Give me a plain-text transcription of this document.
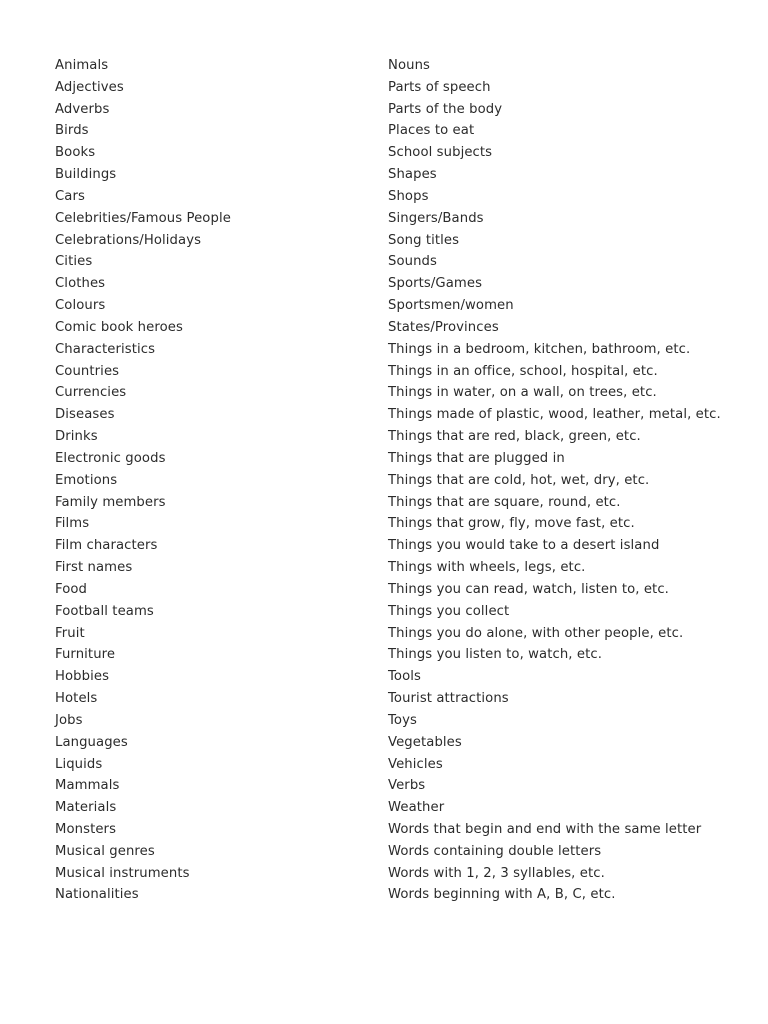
Animals
Adjectives
Adverbs
Birds
Books
Buildings
Cars
Celebrities/Famous People
Celebrations/Holidays
Cities
Clothes
Colours
Comic book heroes
Characteristics
Countries
Currencies
Diseases
Drinks
Electronic goods
Emotions
Family members
Films
Film characters
First names
Food
Football teams
Fruit
Furniture
Hobbies
Hotels
Jobs
Languages
Liquids
Mammals
Materials
Monsters
Musical genres
Musical instruments
Nationalities
Nouns
Parts of speech
Parts of the body
Places to eat
School subjects
Shapes
Shops
Singers/Bands
Song titles
Sounds
Sports/Games
Sportsmen/women
States/Provinces
Things in a bedroom, kitchen, bathroom, etc.
Things in an office, school, hospital, etc.
Things in water, on a wall, on trees, etc.
Things made of plastic, wood, leather, metal, etc.
Things that are red, black, green, etc.
Things that are plugged in
Things that are cold, hot, wet, dry, etc.
Things that are square, round, etc.
Things that grow, fly, move fast, etc.
Things you would take to a desert island
Things with wheels, legs, etc.
Things you can read, watch, listen to, etc.
Things you collect
Things you do alone, with other people, etc.
Things you listen to, watch, etc.
Tools
Tourist attractions
Toys
Vegetables
Vehicles
Verbs
Weather
Words that begin and end with the same letter
Words containing double letters
Words with 1, 2, 3 syllables, etc.
Words beginning with A, B, C, etc.
